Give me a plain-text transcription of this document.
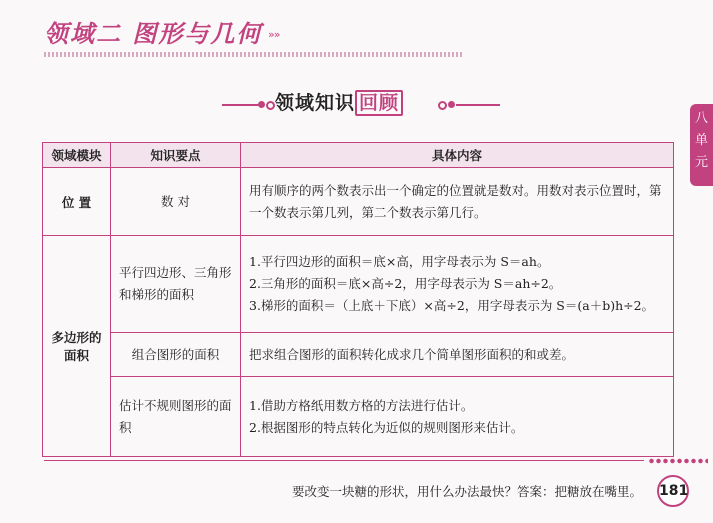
领域二 图形与几何 »»
领域知识 回顾
八
单
元
领域模块	知识要点	具体内容
位 置	数 对	用有顺序的两个数表示出一个确定的位置就是数对。用数对表示位置时，第一个数表示第几列，第二个数表示第几行。

多边形的面积	平行四边形、三角形和梯形的面积	1.平行四边形的面积＝底×高，用字母表示为 S＝ah。
2.三角形的面积＝底×高÷2，用字母表示为 S＝ah÷2。
3.梯形的面积＝（上底＋下底）×高÷2，用字母表示为 S＝(a＋b)h÷2。

	组合图形的面积	把求组合图形的面积转化成求几个简单图形面积的和或差。

	估计不规则图形的面积	1.借助方格纸用数方格的方法进行估计。
2.根据图形的特点转化为近似的规则图形来估计。
要改变一块糖的形状，用什么办法最快？答案：把糖放在嘴里。 181
